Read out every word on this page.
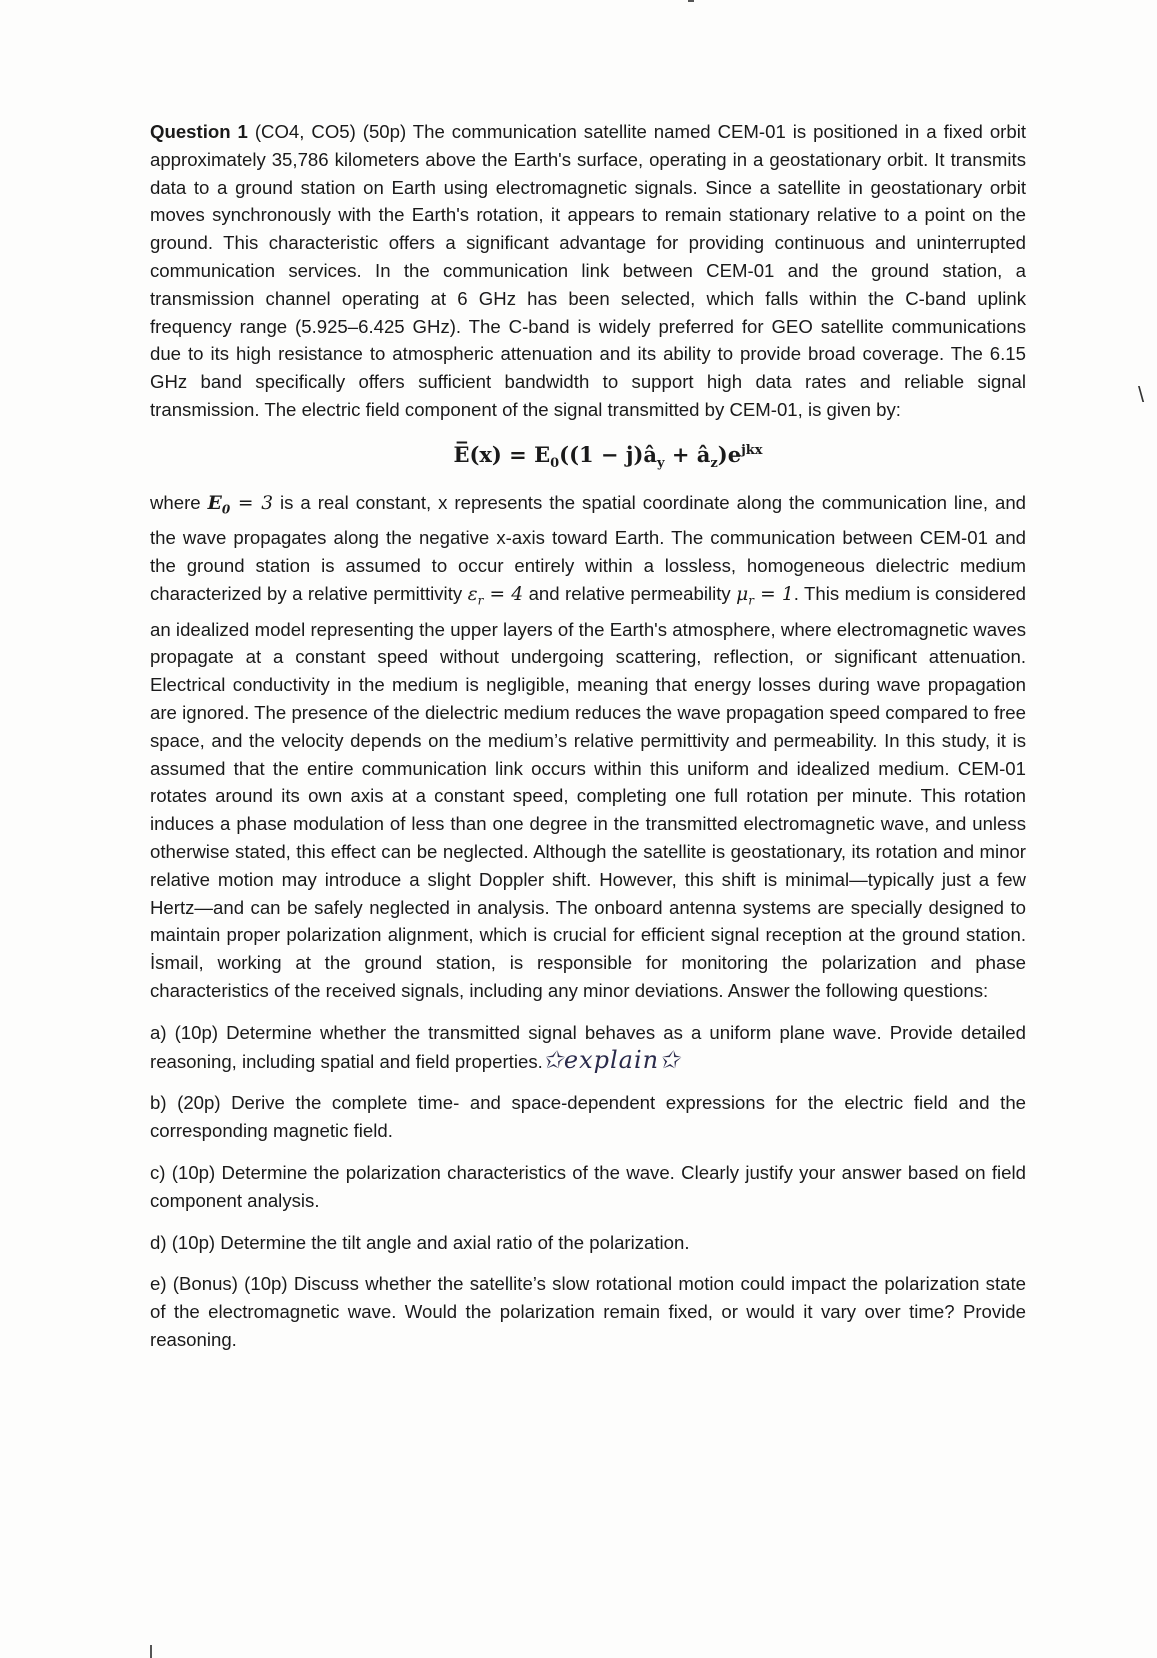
\

Question 1 (CO4, CO5) (50p) The communication satellite named CEM-01 is positioned in a fixed orbit approximately 35,786 kilometers above the Earth's surface, operating in a geostationary orbit. It transmits data to a ground station on Earth using electromagnetic signals. Since a satellite in geostationary orbit moves synchronously with the Earth's rotation, it appears to remain stationary relative to a point on the ground. This characteristic offers a significant advantage for providing continuous and uninterrupted communication services. In the communication link between CEM-01 and the ground station, a transmission channel operating at 6 GHz has been selected, which falls within the C-band uplink frequency range (5.925–6.425 GHz). The C-band is widely preferred for GEO satellite communications due to its high resistance to atmospheric attenuation and its ability to provide broad coverage. The 6.15 GHz band specifically offers sufficient bandwidth to support high data rates and reliable signal transmission. The electric field component of the signal transmitted by CEM-01, is given by:

E̅(x) = $E_0((1$ − $j)â_y$ + $â_z)e^{jkx}$

where $E_0 = 3$ is a real constant, x represents the spatial coordinate along the communication line, and the wave propagates along the negative x-axis toward Earth. The communication between CEM-01 and the ground station is assumed to occur entirely within a lossless, homogeneous dielectric medium characterized by a relative permittivity $\varepsilon_r = 4$ and relative permeability $\mu_r = 1$. This medium is considered an idealized model representing the upper layers of the Earth's atmosphere, where electromagnetic waves propagate at a constant speed without undergoing scattering, reflection, or significant attenuation. Electrical conductivity in the medium is negligible, meaning that energy losses during wave propagation are ignored. The presence of the dielectric medium reduces the wave propagation speed compared to free space, and the velocity depends on the medium’s relative permittivity and permeability. In this study, it is assumed that the entire communication link occurs within this uniform and idealized medium. CEM-01 rotates around its own axis at a constant speed, completing one full rotation per minute. This rotation induces a phase modulation of less than one degree in the transmitted electromagnetic wave, and unless otherwise stated, this effect can be neglected. Although the satellite is geostationary, its rotation and minor relative motion may introduce a slight Doppler shift. However, this shift is minimal—typically just a few Hertz—and can be safely neglected in analysis. The onboard antenna systems are specially designed to maintain proper polarization alignment, which is crucial for efficient signal reception at the ground station. İsmail, working at the ground station, is responsible for monitoring the polarization and phase characteristics of the received signals, including any minor deviations. Answer the following questions:

a) (10p) Determine whether the transmitted signal behaves as a uniform plane wave. Provide detailed reasoning, including spatial and field properties.✩explain✩

b) (20p) Derive the complete time- and space-dependent expressions for the electric field and the corresponding magnetic field.

c) (10p) Determine the polarization characteristics of the wave. Clearly justify your answer based on field component analysis.

d) (10p) Determine the tilt angle and axial ratio of the polarization.

e) (Bonus) (10p) Discuss whether the satellite’s slow rotational motion could impact the polarization state of the electromagnetic wave. Would the polarization remain fixed, or would it vary over time? Provide reasoning.
